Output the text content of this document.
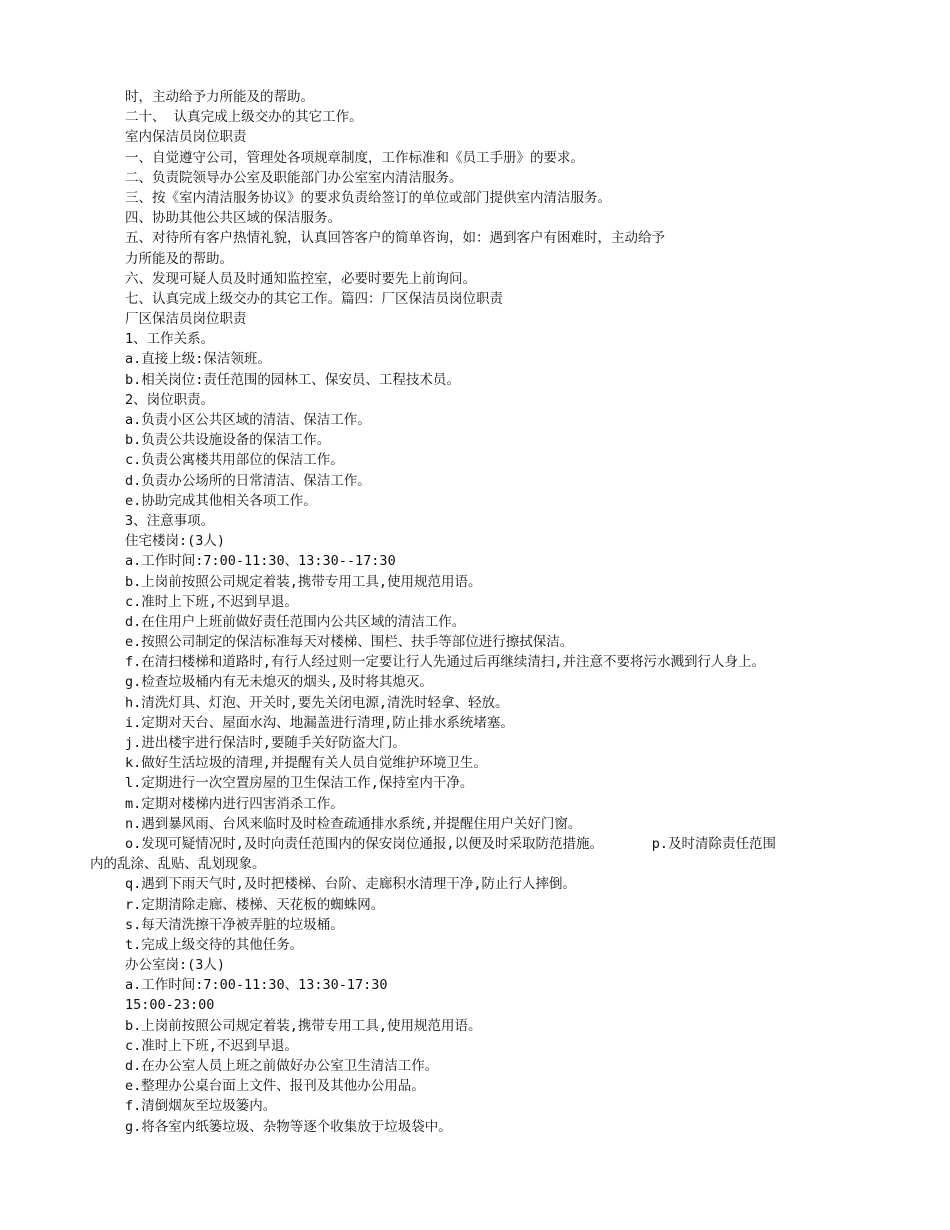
时，主动给予力所能及的帮助。
二十、 认真完成上级交办的其它工作。
室内保洁员岗位职责
一、自觉遵守公司，管理处各项规章制度，工作标准和《员工手册》的要求。
二、负责院领导办公室及职能部门办公室室内清洁服务。
三、按《室内清洁服务协议》的要求负责给签订的单位或部门提供室内清洁服务。
四、协助其他公共区域的保洁服务。
五、对待所有客户热情礼貌，认真回答客户的简单咨询，如：遇到客户有困难时，主动给予
力所能及的帮助。
六、发现可疑人员及时通知监控室，必要时要先上前询问。
七、认真完成上级交办的其它工作。篇四：厂区保洁员岗位职责
厂区保洁员岗位职责
1、工作关系。
a.直接上级:保洁领班。
b.相关岗位:责任范围的园林工、保安员、工程技术员。
2、岗位职责。
a.负责小区公共区域的清洁、保洁工作。
b.负责公共设施设备的保洁工作。
c.负责公寓楼共用部位的保洁工作。
d.负责办公场所的日常清洁、保洁工作。
e.协助完成其他相关各项工作。
3、注意事项。
住宅楼岗:(3人)
a.工作时间:7:00-11:30、13:30--17:30
b.上岗前按照公司规定着装,携带专用工具,使用规范用语。
c.准时上下班,不迟到早退。
d.在住用户上班前做好责任范围内公共区域的清洁工作。
e.按照公司制定的保洁标准每天对楼梯、围栏、扶手等部位进行擦拭保洁。
f.在清扫楼梯和道路时,有行人经过则一定要让行人先通过后再继续清扫,并注意不要将污水溅到行人身上。
g.检查垃圾桶内有无未熄灭的烟头,及时将其熄灭。
h.清洗灯具、灯泡、开关时,要先关闭电源,清洗时轻拿、轻放。
i.定期对天台、屋面水沟、地漏盖进行清理,防止排水系统堵塞。
j.进出楼宇进行保洁时,要随手关好防盗大门。
k.做好生活垃圾的清理,并提醒有关人员自觉维护环境卫生。
l.定期进行一次空置房屋的卫生保洁工作,保持室内干净。
m.定期对楼梯内进行四害消杀工作。
n.遇到暴风雨、台风来临时及时检查疏通排水系统,并提醒住用户关好门窗。
o.发现可疑情况时,及时向责任范围内的保安岗位通报,以便及时采取防范措施。      p.及时清除责任范围
内的乱涂、乱贴、乱划现象。
q.遇到下雨天气时,及时把楼梯、台阶、走廊积水清理干净,防止行人摔倒。
r.定期清除走廊、楼梯、天花板的蜘蛛网。
s.每天清洗擦干净被弄脏的垃圾桶。
t.完成上级交待的其他任务。
办公室岗:(3人)
a.工作时间:7:00-11:30、13:30-17:30
15:00-23:00
b.上岗前按照公司规定着装,携带专用工具,使用规范用语。
c.准时上下班,不迟到早退。
d.在办公室人员上班之前做好办公室卫生清洁工作。
e.整理办公桌台面上文件、报刊及其他办公用品。
f.清倒烟灰至垃圾篓内。
g.将各室内纸篓垃圾、杂物等逐个收集放于垃圾袋中。
